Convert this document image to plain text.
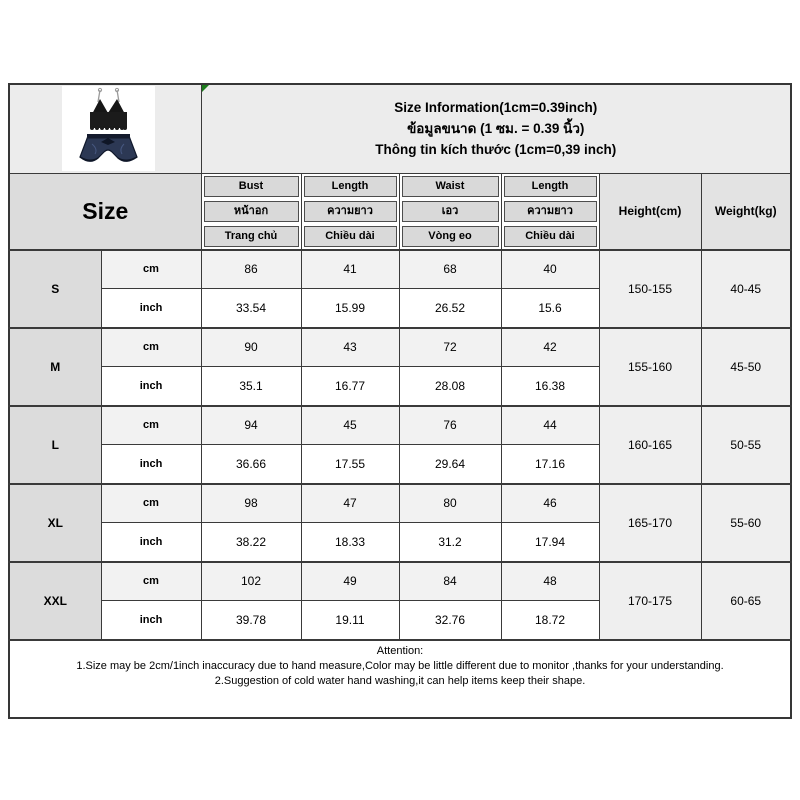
Size Information(1cm=0.39inch)
ข้อมูลขนาด (1 ซม. = 0.39 นิ้ว)
Thông tin kích thước (1cm=0,39 inch)					

Size		Bust	Length	Waist	Length	Height(cm)	Weight(kg)

		หน้าอก	ความยาว	เอว	ความยาว		

		Trang chủ	Chiều dài	Vòng eo	Chiều dài		

S	cm	86	41	68	40	150-155	40-45
	inch	33.54	15.99	26.52	15.6		
M	cm	90	43	72	42	155-160	45-50
	inch	35.1	16.77	28.08	16.38		
L	cm	94	45	76	44	160-165	50-55
	inch	36.66	17.55	29.64	17.16		
XL	cm	98	47	80	46	165-170	55-60
	inch	38.22	18.33	31.2	17.94		
XXL	cm	102	49	84	48	170-175	60-65
	inch	39.78	19.11	32.76	18.72		

Attention:
1.Size may be 2cm/1inch inaccuracy due to hand measure,Color may be little different due to monitor ,thanks for your understanding.
2.Suggestion of cold water hand washing,it can help items keep their shape.							
